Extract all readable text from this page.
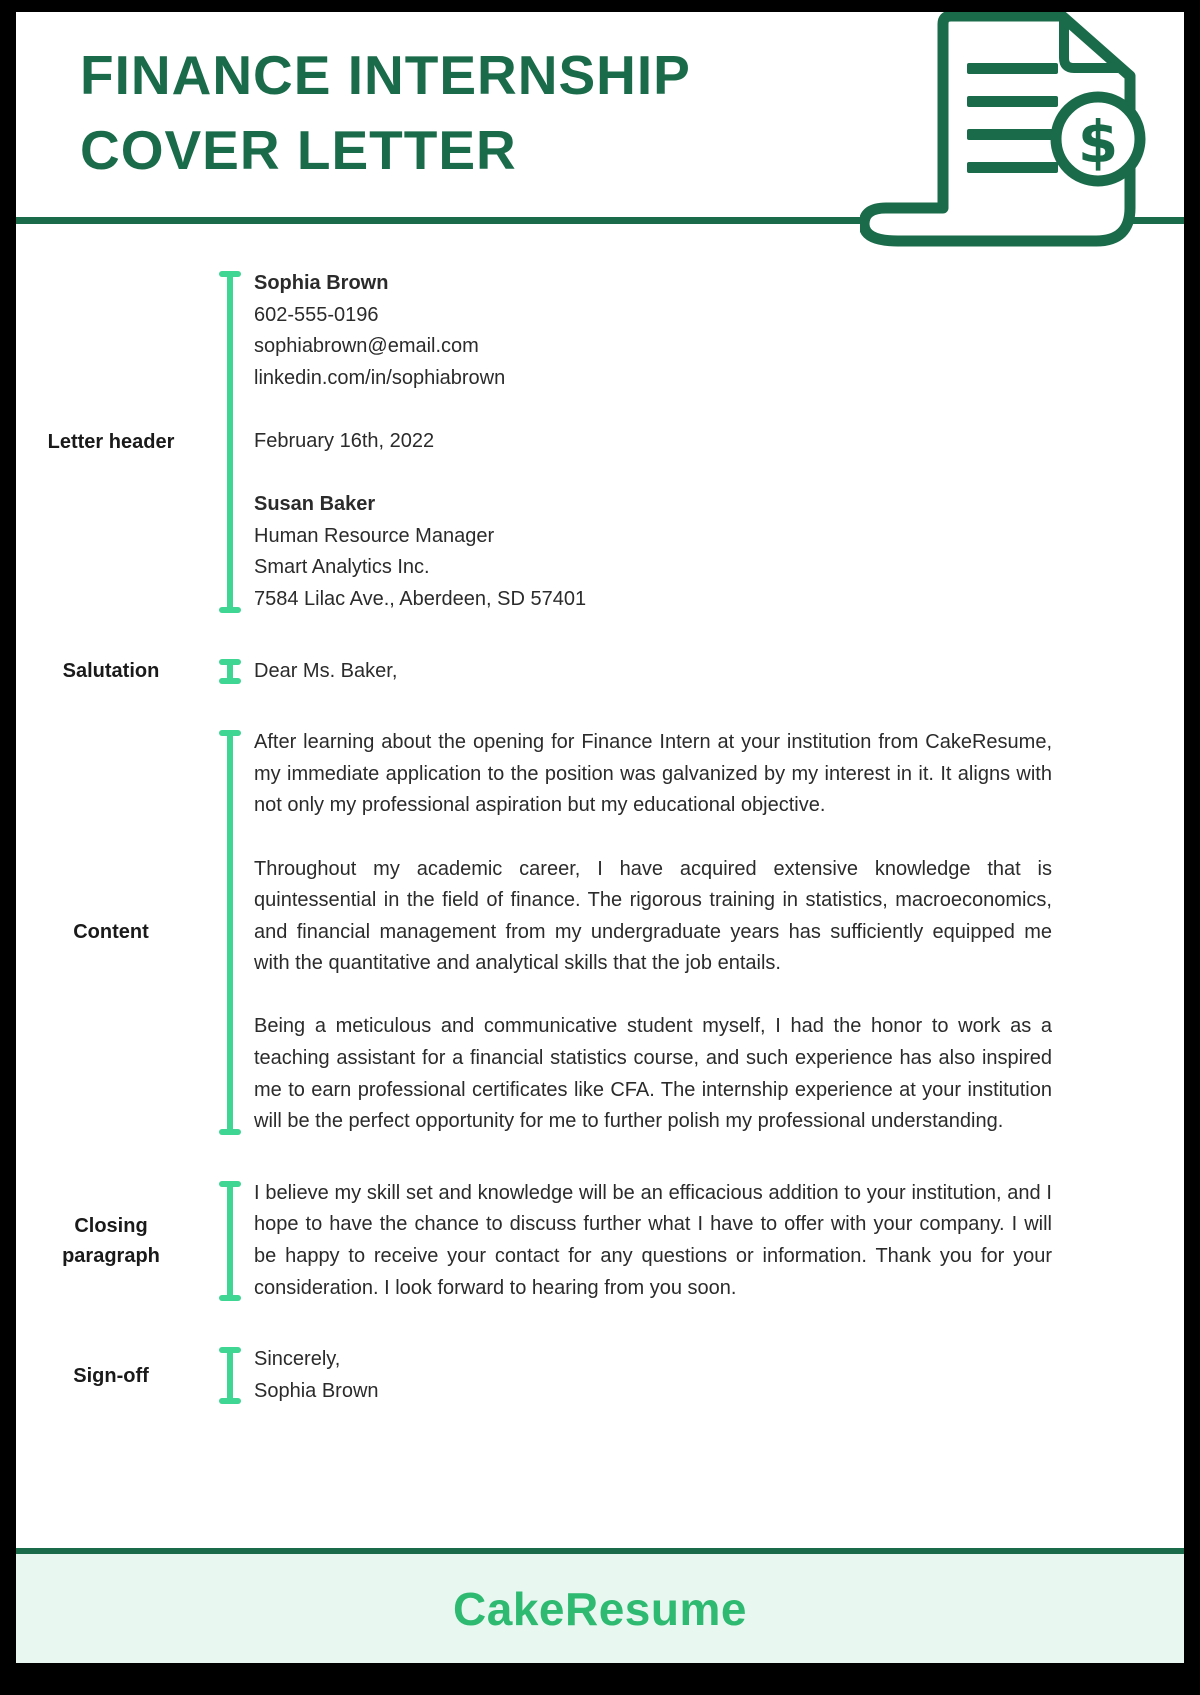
FINANCE INTERNSHIP
COVER LETTER	$
Letter header

Sophia Brown

602-555-0196

sophiabrown@email.com

linkedin.com/in/sophiabrown

February 16th, 2022

Susan Baker

Human Resource Manager

Smart Analytics Inc.

7584 Lilac Ave., Aberdeen, SD 57401

Salutation	Dear Ms. Baker,

Content

After learning about the opening for Finance Intern at your institution from CakeResume, my immediate application to the position was galvanized by my interest in it. It aligns with not only my professional aspiration but my educational objective.

Throughout my academic career, I have acquired extensive knowledge that is quintessential in the field of finance. The rigorous training in statistics, macroeconomics, and financial management from my undergraduate years has sufficiently equipped me with the quantitative and analytical skills that the job entails.

Being a meticulous and communicative student myself, I had the honor to work as a teaching assistant for a financial statistics course, and such experience has also inspired me to earn professional certificates like CFA. The internship experience at your institution will be the perfect opportunity for me to further polish my professional understanding.

Closing paragraph

I believe my skill set and knowledge will be an efficacious addition to your institution, and I hope to have the chance to discuss further what I have to offer with your company. I will be happy to receive your contact for any questions or information. Thank you for your consideration. I look forward to hearing from you soon.

Sign-off

Sincerely,

Sophia Brown

CakeResume
